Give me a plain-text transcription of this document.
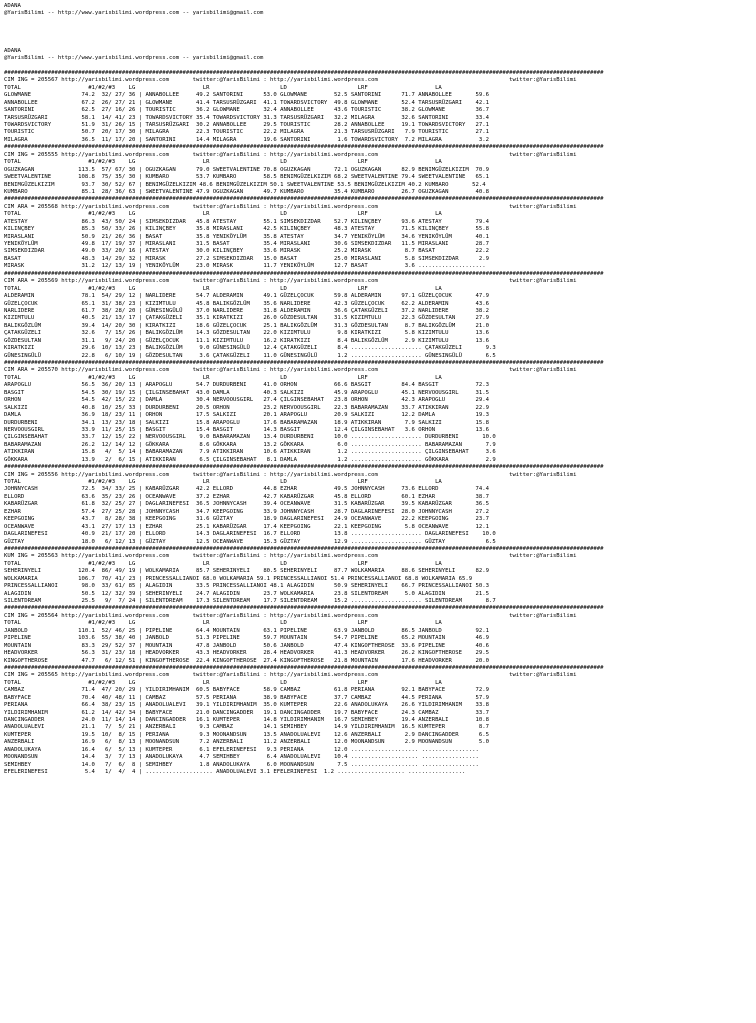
ADANA
@YarisBilimi -- http://www.yarisbilimi.wordpress.com -- yarisbilimi@gmail.com

ADANA
@YarisBilimi -- http://www.yarisbilimi.wordpress.com -- yarisbilimi@gmail.com

##################################################################################################################################################################################
CIM ING = 205567 http://yarisbilimi.wordpress.com       twitter:@YarisBilimi : http://yarisbilimi.wordpress.com                                       twitter:@YarisBilimi
TOTAL                    #1/#2/#3    LG                    LR                     LD                     LRF                    LA
GLOWMANE               74.2  32/ 27/ 36 | ANNABOLLEE     49.2 SANTORINI      53.0 GLOWMANE        52.5 SANTORINI      71.7 ANNABOLLEE       59.6
ANNABOLLEE             67.2  26/ 27/ 21 | GLOWMANE       41.4 TARSUSRÜZGARI  41.1 TOWARDSVICTORY  49.8 GLOWMANE       52.4 TARSUSRÜZGARI    42.1
SANTORINI              62.5  27/ 16/ 26 | TOURISTIC      36.2 GLOWMANE       32.4 ANNABOLLEE      43.6 TOURISTIC      38.2 GLOWMANE         36.7
TARSUSRÜZGARI          58.1  14/ 41/ 23 | TOWARDSVICTORY 35.4 TOWARDSVICTORY 31.3 TARSUSRÜZGARI   32.2 MILAGRA        32.6 SANTORINI        33.4
TOWARDSVICTORY         51.9  31/ 26/ 15 | TARSUSRÜZGARI  30.2 ANNABOLLEE     29.5 TOURISTIC       28.2 ANNABOLLEE     19.1 TOWARDSVICTORY   27.1
TOURISTIC              50.7  20/ 17/ 30 | MILAGRA        22.3 TOURISTIC      22.2 MILAGRA         21.3 TARSUSRÜZGARI   7.9 TOURISTIC        27.1
MILAGRA                36.5  11/ 17/ 20 | SANTORINI      14.4 MILAGRA        19.6 SANTORINI        1.6 TOWARDSVICTORY  7.2 MILAGRA           3.2
##################################################################################################################################################################################
CIM ING = 205555 http://yarisbilimi.wordpress.com       twitter:@YarisBilimi : http://yarisbilimi.wordpress.com                                       twitter:@YarisBilimi
TOTAL                    #1/#2/#3    LG                    LR                     LD                     LRF                    LA
OGUZKAGAN             113.5  57/ 67/ 30 | OGUZKAGAN      79.0 SWEETVALENTINE 70.8 OGUZKAGAN       72.1 OGUZKAGAN      82.9 BENIMGÜZELKIZIM  70.9
SWEETVALENTINE        108.8  75/ 35/ 30 | KUMBARO        53.7 KUMBARO        58.5 BENIMGÜZELKIZIM 68.2 SWEETVALENTINE 79.4 SWEETVALENTINE   65.1
BENIMGÜZELKIZIM        93.7  30/ 52/ 67 | BENIMGÜZELKIZIM 48.6 BENIMGÜZELKIZIM 50.1 SWEETVALENTINE 53.5 BENIMGÜZELKIZIM 40.2 KUMBARO       52.4
KUMBARO                85.1  28/ 36/ 63 | SWEETVALENTINE 47.9 OGUZKAGAN      49.7 KUMBARO         35.4 KUMBARO        26.7 OGUZKAGAN        40.8
##################################################################################################################################################################################
CIM ARA = 205568 http://yarisbilimi.wordpress.com       twitter:@YarisBilimi : http://yarisbilimi.wordpress.com                                       twitter:@YarisBilimi
TOTAL                    #1/#2/#3    LG                    LR                     LD                     LRF                    LA
ATESTAY                86.3  43/ 50/ 24 | SIMSEKDIZDAR   45.8 ATESTAY        55.1 SIMSEKDIZDAR    52.7 KILINÇBEY      93.6 ATESTAY          79.4
KILINÇBEY              85.3  50/ 33/ 26 | KILINÇBEY      35.8 MIRASLANI      42.5 KILINÇBEY       48.3 ATESTAY        71.5 KILINÇBEY        55.8
MIRASLANI              50.9  21/ 26/ 36 | BASAT          35.8 YENIKÖYLÜM     35.8 ATESTAY         34.7 YENIKÖYLÜM     34.6 YENIKÖYLÜM       40.1
YENIKÖYLÜM             49.8  17/ 19/ 37 | MIRASLANI      31.5 BASAT          35.4 MIRASLANI       30.6 SIMSEKDIZDAR   11.5 MIRASLANI        28.7
SIMSEKDIZDAR           49.0  33/ 20/ 16 | ATESTAY        30.0 KILINÇBEY      33.6 MIRASK          25.2 MIRASK          8.7 BASAT            22.2
BASAT                  48.3  14/ 29/ 32 | MIRASK         27.2 SIMSEKDIZDAR   15.0 BASAT           25.0 MIRASLANI       5.8 SIMSEKDIZDAR      2.9
MIRASK                 31.2  12/ 13/ 19 | YENIKÖYLÜM     23.0 MIRASK         11.7 YENIKÖYLÜM      12.7 BASAT           3.6 ....................
##################################################################################################################################################################################
CIM ARA = 205569 http://yarisbilimi.wordpress.com       twitter:@YarisBilimi : http://yarisbilimi.wordpress.com                                       twitter:@YarisBilimi
TOTAL                    #1/#2/#3    LG                    LR                     LD                     LRF                    LA
ALDERAMIN              78.1  54/ 29/ 12 | NARLIDERE      54.7 ALDERAMIN      49.1 GÜZELÇOCUK      59.8 ALDERAMIN      97.1 GÜZELÇOCUK       47.9
GÜZELÇOCUK             65.1  31/ 38/ 23 | KIZIMTULU      45.8 BALIKGÖZLÜM    35.6 NARLIDERE       42.3 GÜZELÇOCUK     62.2 ALDERAMIN        43.6
NARLIDERE              61.7  38/ 28/ 20 | GÜNESINGÜLÜ    37.0 NARLIDERE      31.8 ALDERAMIN       36.6 ÇATAKGÜZELI    37.2 NARLIDERE        38.2
KIZIMTULU              40.5  21/ 13/ 17 | ÇATAKGÜZELI    35.1 KIRATKIZI      26.0 GÖZDESULTAN     31.5 KIZIMTULU      22.3 GÖZDESULTAN      27.9
BALIKGÖZLÜM            39.4  14/ 20/ 30 | KIRATKIZI      18.6 GÜZELÇOCUK     25.1 BALIKGÖZLÜM     31.3 GÖZDESULTAN     8.7 BALIKGÖZLÜM      21.0
ÇATAKGÜZELI            32.6   7/ 15/ 26 | BALIKGÖZLÜM    14.3 GÖZDESULTAN    22.0 KIZIMTULU        9.8 KIRATKIZI       5.8 KIZIMTULU        13.6
GÖZDESULTAN            31.1   9/ 24/ 20 | GÜZELÇOCUK     11.1 KIZIMTULU      16.2 KIRATKIZI        8.4 BALIKGÖZLÜM     2.9 KIZIMTULU        13.6
KIRATKIZI              29.6  10/ 13/ 23 | BALIKGÖZLÜM     9.0 GÜNESINGÜLÜ    12.4 ÇATAKGÜZELI      8.4 ..................... ÇATAKGÜZELI       9.3
GÜNESINGÜLÜ            22.8   6/ 10/ 19 | GÖZDESULTAN     3.6 ÇATAKGÜZELI    11.0 GÜNESINGÜLÜ      1.2 ..................... GÜNESINGÜLÜ       6.5
##################################################################################################################################################################################
CIM ARA = 205570 http://yarisbilimi.wordpress.com       twitter:@YarisBilimi : http://yarisbilimi.wordpress.com                                       twitter:@YarisBilimi
TOTAL                    #1/#2/#3    LG                    LR                     LD                     LRF                    LA
ARAPOGLU               56.5  36/ 20/ 13 | ARAPOGLU       54.7 DURDURBENI     41.0 ORHON           66.6 BASGIT         84.4 BASGIT           72.3
BASGIT                 54.5  30/ 19/ 15 | ÇILGINSEBAHAT  43.0 DAMLA          40.3 SALKIZI         45.9 ARAPOGLU       45.1 NERVOOUSGIRL     31.5
ORHON                  54.5  42/ 15/ 22 | DAMLA          30.4 NERVOOUSGIRL   27.4 ÇILGINSEBAHAT   23.8 ORHON          42.3 ARAPOGLU         29.4
SALKIZI                40.8  10/ 25/ 33 | DURDURBENI     20.5 ORHON          23.2 NERVOOUSGIRL    22.3 BABARAMAZAN    33.7 ATIKKIRAN        22.9
DAMLA                  36.9  18/ 23/ 11 | ORHON          17.5 SALKIZI        20.1 ARAPOGLU        20.9 SALKIZI        12.2 DAMLA            19.3
DURDURBENI             34.1  13/ 23/ 18 | SALKIZI        15.8 ARAPOGLU       17.6 BABARAMAZAN     18.9 ATIKKIRAN       7.9 SALKIZI          15.8
NERVOOUSGIRL           33.9  11/ 25/ 15 | BASGIT         15.4 BASGIT         14.3 BASGIT          12.4 ÇILGINSEBAHAT   3.6 ORHON            13.6
ÇILGINSEBAHAT          33.7  12/ 15/ 22 | NERVOOUSGIRL    9.0 BABARAMAZAN    13.4 DURDURBENI      10.0 ..................... DURDURBENI       10.0
BABARAMAZAN            26.2  12/ 14/ 12 | GÖKKARA         8.6 GÖKKARA        13.2 GÖKKARA          6.0 ..................... BABARAMAZAN       7.9
ATIKKIRAN              15.8   4/  5/ 14 | BABARAMAZAN     7.9 ATIKKIRAN      10.6 ATIKKIRAN        1.2 ..................... ÇILGINSEBAHAT     3.6
GÖKKARA                13.9   2/  6/ 15 | ATIKKIRAN       6.5 ÇILGINSEBAHAT   8.1 DAMLA            1.2 ..................... GÖKKARA           2.9
##################################################################################################################################################################################
CIM ING = 205556 http://yarisbilimi.wordpress.com       twitter:@YarisBilimi : http://yarisbilimi.wordpress.com                                       twitter:@YarisBilimi
TOTAL                    #1/#2/#3    LG                    LR                     LD                     LRF                    LA
JOHNNYCASH             72.5  34/ 33/ 25 | KABARÜZGAR     42.2 ELLORD         44.8 EZHAR           49.5 JOHNNYCASH     73.6 ELLORD           74.4
ELLORD                 63.6  35/ 23/ 26 | OCEANWAVE      37.2 EZHAR          42.7 KABARÜZGAR      45.8 ELLORD         60.1 EZHAR            38.7
KABARÜZGAR             61.8  32/ 25/ 27 | DAGLARINEFESI  36.5 JOHNNYCASH     39.4 OCEANWAVE       31.5 KABARÜZGAR     39.5 KABARÜZGAR       36.5
EZHAR                  57.4  27/ 25/ 28 | JOHNNYCASH     34.7 KEEPGOING      33.9 JOHNNYCASH      28.7 DAGLARINEFESI  28.0 JOHNNYCASH       27.2
KEEPGOING              43.7   8/ 28/ 38 | KEEPGOING      31.6 GÜZTAY         18.9 DAGLARINEFESI   24.9 OCEANWAVE      22.2 KEEPGOING        23.7
OCEANWAVE              43.1  27/ 17/ 13 | EZHAR          25.1 KABARÜZGAR     17.4 KEEPGOING       22.1 KEEPGOING       5.8 OCEANWAVE        12.1
DAGLARINEFESI          40.9  21/ 17/ 20 | ELLORD         14.3 DAGLARINEFESI  16.7 ELLORD          13.8 ..................... DAGLARINEFESI    10.0
GÜZTAY                 18.0   6/ 12/ 13 | GÜZTAY         12.5 OCEANWAVE      15.3 GÜZTAY          12.9 ..................... GÜZTAY            6.5
##################################################################################################################################################################################
KUM ING = 205563 http://yarisbilimi.wordpress.com       twitter:@YarisBilimi : http://yarisbilimi.wordpress.com                                       twitter:@YarisBilimi
TOTAL                    #1/#2/#3    LG                    LR                     LD                     LRF                    LA
SEHERINYELI           120.4  86/ 49/ 19 | WOLKAMARIA     85.7 SEHERINYELI    80.5 SEHERINYELI     87.7 WOLKAMARIA     88.6 SEHERINYELI      82.9
WOLKAMARIA            106.7  70/ 41/ 23 | PRINCESSALLIANOI 68.0 WOLKAMARIA 59.1 PRINCESSALLIANOI 51.4 PRINCESSALLIANOI 68.8 WOLKAMARIA 65.9
PRINCESSALLIANOI       98.0  33/ 61/ 85 | ALAGIDIN       33.5 PRINCESSALLIANOI 48.1 ALAGIDIN      50.9 SEHERINYELI    66.7 PRINCESSALLIANOI 50.3
ALAGIDIN               50.5  12/ 32/ 39 | SEHERINYELI    24.7 ALAGIDIN       23.7 WOLKAMARIA      23.8 SILENTDREAM     5.0 ALAGIDIN         21.5
SILENTDREAM            25.5   9/  7/ 24 | SILENTDREAM    17.3 SILENTDREAM    17.7 SILENTDREAM     15.2 ..................... SILENTDREAM       8.7
##################################################################################################################################################################################
CIM ING = 205564 http://yarisbilimi.wordpress.com       twitter:@YarisBilimi : http://yarisbilimi.wordpress.com                                       twitter:@YarisBilimi
TOTAL                    #1/#2/#3    LG                    LR                     LD                     LRF                    LA
JANBOLD               110.1  52/ 46/ 25 | PIPELINE       64.4 MOUNTAIN       63.1 PIPELINE        63.9 JANBOLD        86.5 JANBOLD          92.1
PIPELINE              103.6  55/ 38/ 40 | JANBOLD        51.3 PIPELINE       59.7 MOUNTAIN        54.7 PIPELINE       65.2 MOUNTAIN         46.9
MOUNTAIN               83.3  29/ 52/ 37 | MOUNTAIN       47.8 JANBOLD        50.6 JANBOLD         47.4 KINGOFTHEROSE  33.6 PIPELINE         40.6
HEADVORKER             56.3  31/ 23/ 18 | HEADVORKER     43.3 HEADVORKER     28.4 HEADVORKER      41.3 HEADVORKER     26.2 KINGOFTHEROSE    29.5
KINGOFTHEROSE          47.7   6/ 12/ 51 | KINGOFTHEROSE  22.4 KINGOFTHEROSE  27.4 KINGOFTHEROSE   21.8 MOUNTAIN       17.6 HEADVORKER       20.0
##################################################################################################################################################################################
CIM ING = 205565 http://yarisbilimi.wordpress.com       twitter:@YarisBilimi : http://yarisbilimi.wordpress.com                                       twitter:@YarisBilimi
TOTAL                    #1/#2/#3    LG                    LR                     LD                     LRF                    LA
CAMBAZ                 71.4  47/ 20/ 29 | YILDIRIMHANIM  60.5 BABYFACE       58.9 CAMBAZ          61.8 PERIANA        92.1 BABYFACE         72.9
BABYFACE               70.4  40/ 48/ 11 | CAMBAZ         57.5 PERIANA        38.9 BABYFACE        37.7 CAMBAZ         44.5 PERIANA          57.9
PERIANA                66.4  38/ 23/ 15 | ANADOLUALEVI   39.1 YILDIRIMHANIM  35.0 KUMTEPER        22.6 ANADOLUKAYA    26.6 YILDIRIMHANIM    33.8
YILDIRIMHANIM          61.2  14/ 42/ 34 | BABYFACE       21.0 DANCINGADDER   19.1 DANCINGADDER    19.7 BABYFACE       24.3 CAMBAZ           33.7
DANCINGADDER           24.0  11/ 14/ 14 | DANCINGADDER   16.1 KUMTEPER       14.8 YILDIRIMHANIM   16.7 SEMIHBEY       19.4 ANZERBALI        10.8
ANADOLUALEVI           21.1   7/  5/ 21 | ANZERBALI       9.3 CAMBAZ         14.1 SEMIHBEY        14.9 YILDIRIMHANIM  16.5 KUMTEPER          8.7
KUMTEPER               19.5  10/  8/ 15 | PERIANA         9.3 MOONANDSUN     13.5 ANADOLUALEVI    12.6 ANZERBALI       2.9 DANCINGADDER      6.5
ANZERBALI              16.9   6/  8/ 13 | MOONANDSUN      7.2 ANZERBALI      11.2 ANZERBALI       12.0 MOONANDSUN      2.9 MOONANDSUN        5.0
ANADOLUKAYA            16.4   6/  5/ 13 | KUMTEPER        6.1 EFELERINEFESI   9.3 PERIANA         12.0 .................... .................
MOONANDSUN             14.4   3/  7/ 13 | ANADOLUKAYA     4.7 SEMIHBEY        6.4 ANADOLUALEVI    10.4 .................... .................
SEMIHBEY               14.0   7/  6/  8 | SEMIHBEY        1.8 ANADOLUKAYA     6.0 MOONANDSUN       7.5 .................... .................
EFELERINEFESI           5.4   1/  4/  4 | .................... ANADOLUALEVI 3.1 EFELERINEFESI  1.2 .................... .................
